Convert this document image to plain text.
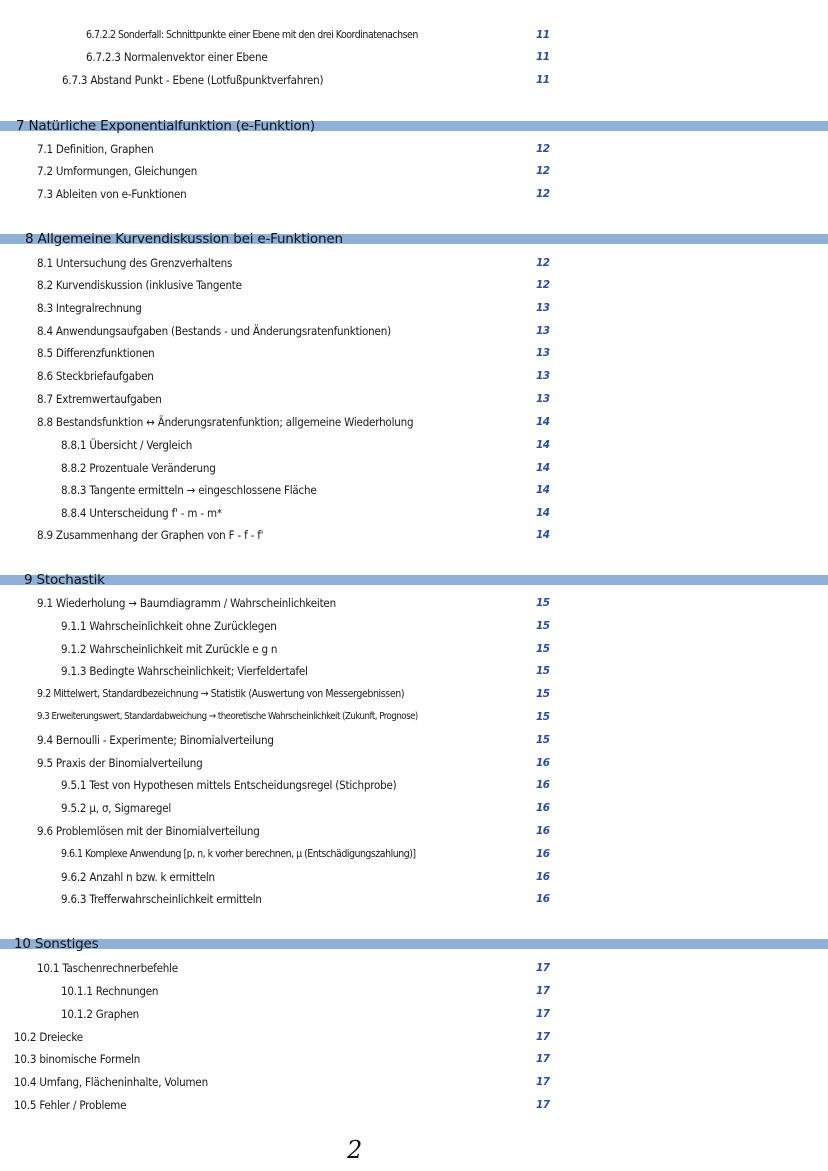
6.7.2.2 Sonderfall: Schnittpunkte einer Ebene mit den drei Koordinatenachsen	11
6.7.2.3 Normalenvektor einer Ebene	11
6.7.3 Abstand Punkt - Ebene (Lotfußpunktverfahren)	11
7 Natürliche Exponentialfunktion (e-Funktion)
7.1 Definition, Graphen	12
7.2 Umformungen, Gleichungen	12
7.3 Ableiten von e-Funktionen	12
8 Allgemeine Kurvendiskussion bei e-Funktionen
8.1 Untersuchung des Grenzverhaltens	12
8.2 Kurvendiskussion (inklusive Tangente	12
8.3 Integralrechnung	13
8.4 Anwendungsaufgaben (Bestands - und Änderungsratenfunktionen)	13
8.5 Differenzfunktionen	13
8.6 Steckbriefaufgaben	13
8.7 Extremwertaufgaben	13
8.8 Bestandsfunktion ↔ Änderungsratenfunktion; allgemeine Wiederholung	14
8.8.1 Übersicht / Vergleich	14
8.8.2 Prozentuale Veränderung	14
8.8.3 Tangente ermitteln → eingeschlossene Fläche	14
8.8.4 Unterscheidung f' - m - m*	14
8.9 Zusammenhang der Graphen von F - f - f'	14
9 Stochastik
9.1 Wiederholung → Baumdiagramm / Wahrscheinlichkeiten	15
9.1.1 Wahrscheinlichkeit ohne Zurücklegen	15
9.1.2 Wahrscheinlichkeit mit Zurückle e g n	15
9.1.3 Bedingte Wahrscheinlichkeit; Vierfeldertafel	15
9.2 Mittelwert, Standardbezeichnung → Statistik (Auswertung von Messergebnissen)	15
9.3 Erweiterungswert, Standardabweichung → theoretische Wahrscheinlichkeit (Zukunft, Prognose)	15
9.4 Bernoulli - Experimente; Binomialverteilung	15
9.5 Praxis der Binomialverteilung	16
9.5.1 Test von Hypothesen mittels Entscheidungsregel (Stichprobe)	16
9.5.2 μ, σ, Sigmaregel	16
9.6 Problemlösen mit der Binomialverteilung	16
9.6.1 Komplexe Anwendung [p, n, k vorher berechnen, μ (Entschädigungszahlung)]	16
9.6.2 Anzahl n bzw. k ermitteln	16
9.6.3 Trefferwahrscheinlichkeit ermitteln	16
10 Sonstiges
10.1 Taschenrechnerbefehle	17
10.1.1 Rechnungen	17
10.1.2 Graphen	17
10.2 Dreiecke	17
10.3 binomische Formeln	17
10.4 Umfang, Flächeninhalte, Volumen	17
10.5 Fehler / Probleme	17
2
